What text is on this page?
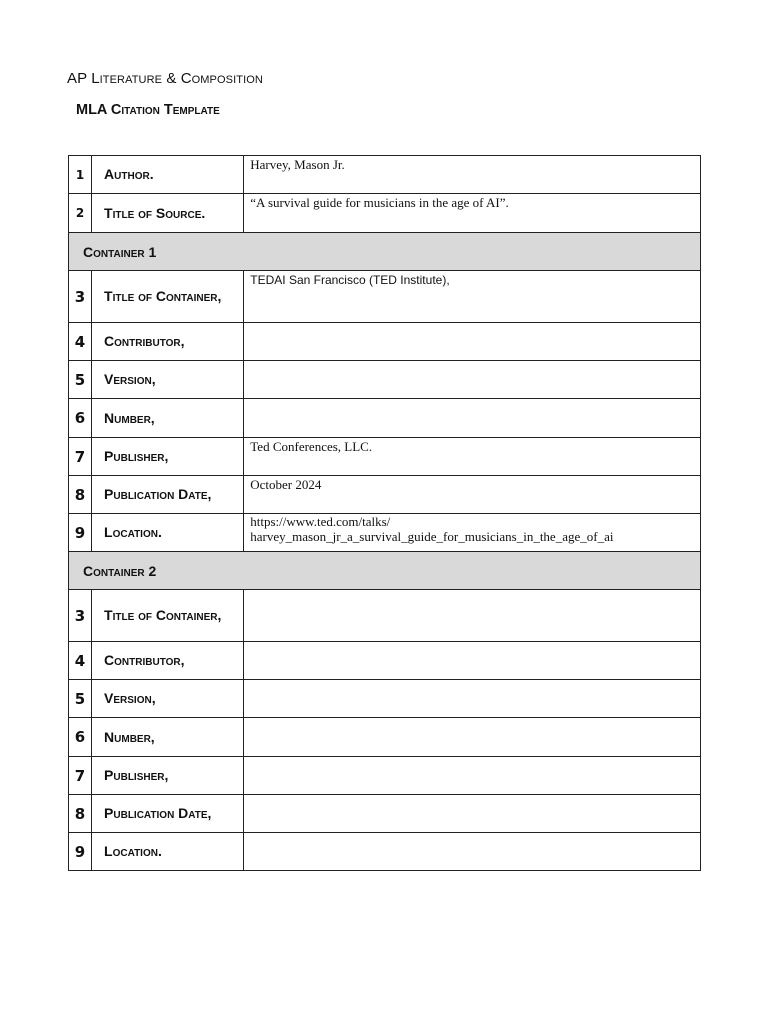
AP Literature & Composition
MLA Citation Template
1	Author.	Harvey, Mason Jr.
2	Title of Source.	“A survival guide for musicians in the age of AI”.
Container 1		
3	Title of Container,	TEDAI San Francisco (TED Institute),
4	Contributor,	
5	Version,	
6	Number,	
7	Publisher,	Ted Conferences, LLC.
8	Publication Date,	October 2024
9	Location.	https://www.ted.com/talks/
harvey_mason_jr_a_survival_guide_for_musicians_in_the_age_of_ai
Container 2		
3	Title of Container,	
4	Contributor,	
5	Version,	
6	Number,	
7	Publisher,	
8	Publication Date,	
9	Location.	
